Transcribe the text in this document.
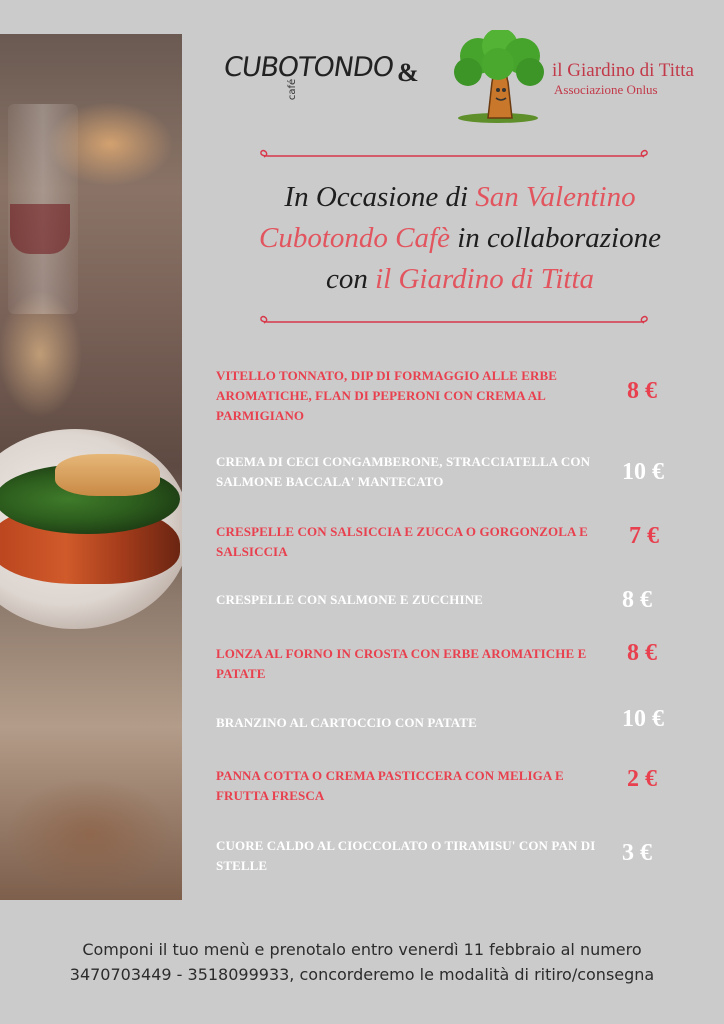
CUBOTONDO
café
&	il Giardino di Titta
Associazione Onlus
In Occasione di San Valentino
Cubotondo Cafè in collaborazione
con il Giardino di Titta
VITELLO TONNATO, DIP DI FORMAGGIO ALLE ERBE AROMATICHE, FLAN DI PEPERONI CON CREMA AL PARMIGIANO
8 €
CREMA DI CECI CONGAMBERONE, STRACCIATELLA CON SALMONE BACCALA' MANTECATO	10 €
CRESPELLE CON SALSICCIA E ZUCCA O GORGONZOLA E SALSICCIA
7 €
CRESPELLE CON SALMONE E ZUCCHINE	8 €
LONZA AL FORNO IN CROSTA CON ERBE AROMATICHE E PATATE
8 €
BRANZINO AL CARTOCCIO CON PATATE	10 €
PANNA COTTA O CREMA PASTICCERA CON MELIGA E FRUTTA FRESCA
2 €
CUORE CALDO AL CIOCCOLATO O TIRAMISU' CON PAN DI STELLE	3 €
Componi il tuo menù e prenotalo entro venerdì 11 febbraio al numero
3470703449 - 3518099933, concorderemo le modalità di ritiro/consegna
